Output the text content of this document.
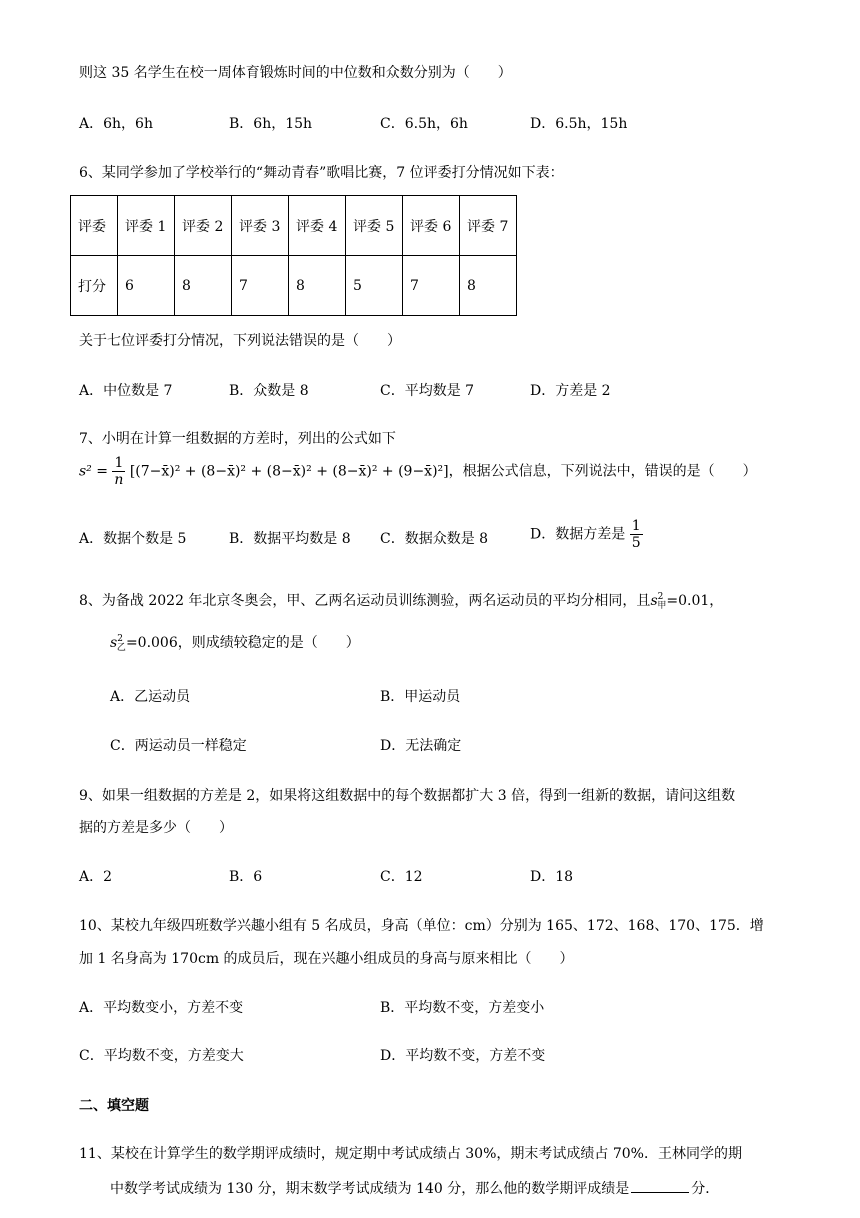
则这 35 名学生在校一周体育锻炼时间的中位数和众数分别为（　　）
A．6h，6h	B．6h，15h	C．6.5h，6h	D．6.5h，15h
6、某同学参加了学校举行的“舞动青春”歌唱比赛，7 位评委打分情况如下表：
评委	评委 1	评委 2	评委 3	评委 4	评委 5	评委 6	评委 7
打分	6	8	7	8	5	7	8
关于七位评委打分情况，下列说法错误的是（　　）
A．中位数是 7	B．众数是 8	C．平均数是 7	D．方差是 2
7、小明在计算一组数据的方差时，列出的公式如下
$s^2 = \frac{1}{n}$ [(7−x̄)² + (8−x̄)² + (8−x̄)² + (8−x̄)² + (9−x̄)²]，根据公式信息，下列说法中，错误的是（　　）
A．数据个数是 5	B．数据平均数是 8 C．数据众数是 8	D．数据方差是 $\frac{1}{5}$
8、为备战 2022 年北京冬奥会，甲、乙两名运动员训练测验，两名运动员的平均分相同，且$s^2_甲=0.01$，
$s^2_乙=0.006$，则成绩较稳定的是（　　）
A．乙运动员	B．甲运动员
C．两运动员一样稳定	D．无法确定
9、如果一组数据的方差是 2，如果将这组数据中的每个数据都扩大 3 倍，得到一组新的数据，请问这组数
据的方差是多少（　　）
A．2	B．6	C．12	D．18
10、某校九年级四班数学兴趣小组有 5 名成员，身高（单位：cm）分别为 165、172、168、170、175．增
加 1 名身高为 170cm 的成员后，现在兴趣小组成员的身高与原来相比（　　）
A．平均数变小，方差不变	B．平均数不变，方差变小
C．平均数不变，方差变大	D．平均数不变，方差不变
二、填空题
11、某校在计算学生的数学期评成绩时，规定期中考试成绩占 30%，期末考试成绩占 70%．王林同学的期
中数学考试成绩为 130 分，期末数学考试成绩为 140 分，那么他的数学期评成绩是	分．
